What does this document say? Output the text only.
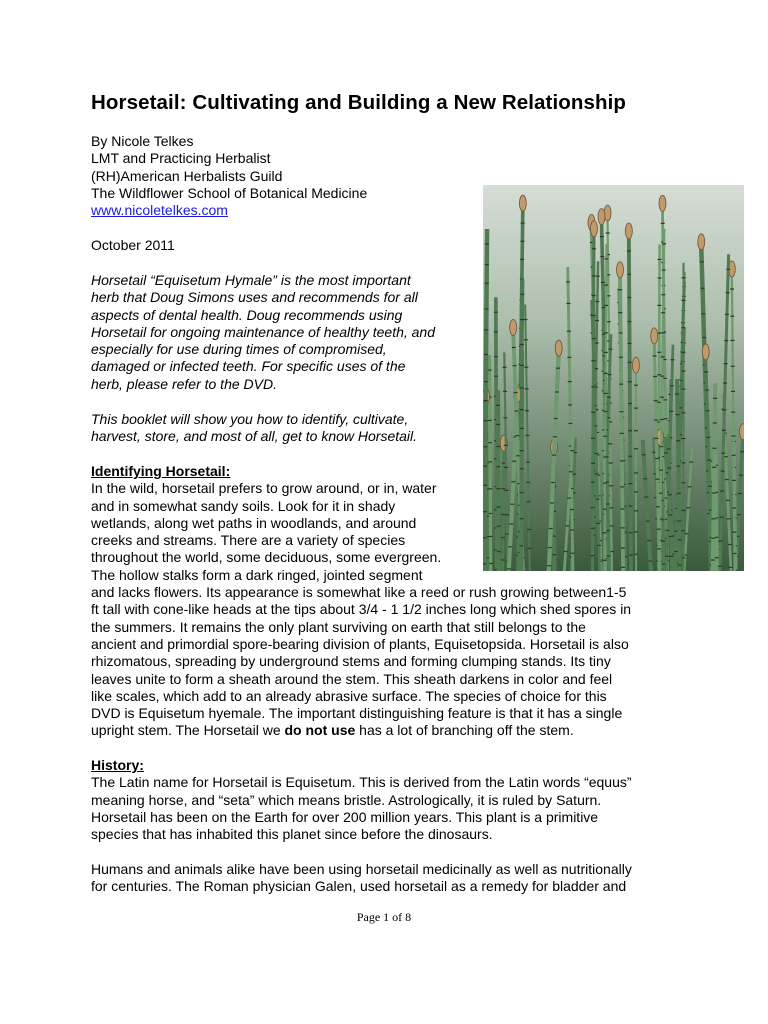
Horsetail: Cultivating and Building a New Relationship
By Nicole Telkes
LMT and Practicing Herbalist
(RH)American Herbalists Guild
The Wildflower School of Botanical Medicine
www.nicoletelkes.com
October 2011
Horsetail “Equisetum Hymale” is the most important
herb that Doug Simons uses and recommends for all
aspects of dental health. Doug recommends using
Horsetail for ongoing maintenance of healthy teeth, and
especially for use during times of compromised,
damaged or infected teeth. For specific uses of the
herb, please refer to the DVD.
This booklet will show you how to identify, cultivate,
harvest, store, and most of all, get to know Horsetail.
Identifying Horsetail:
In the wild, horsetail prefers to grow around, or in, water
and in somewhat sandy soils. Look for it in shady
wetlands, along wet paths in woodlands, and around
creeks and streams. There are a variety of species
throughout the world, some deciduous, some evergreen.
The hollow stalks form a dark ringed, jointed segment
and lacks flowers. Its appearance is somewhat like a reed or rush growing between1-5
ft tall with cone-like heads at the tips about 3/4 - 1 1/2 inches long which shed spores in
the summers. It remains the only plant surviving on earth that still belongs to the
ancient and primordial spore-bearing division of plants, Equisetopsida. Horsetail is also
rhizomatous, spreading by underground stems and forming clumping stands. Its tiny
leaves unite to form a sheath around the stem. This sheath darkens in color and feel
like scales, which add to an already abrasive surface. The species of choice for this
DVD is Equisetum hyemale. The important distinguishing feature is that it has a single
upright stem. The Horsetail we do not use has a lot of branching off the stem.
History:
The Latin name for Horsetail is Equisetum. This is derived from the Latin words “equus”
meaning horse, and “seta” which means bristle. Astrologically, it is ruled by Saturn.
Horsetail has been on the Earth for over 200 million years. This plant is a primitive
species that has inhabited this planet since before the dinosaurs.
Humans and animals alike have been using horsetail medicinally as well as nutritionally
for centuries. The Roman physician Galen, used horsetail as a remedy for bladder and
Page 1 of 8
